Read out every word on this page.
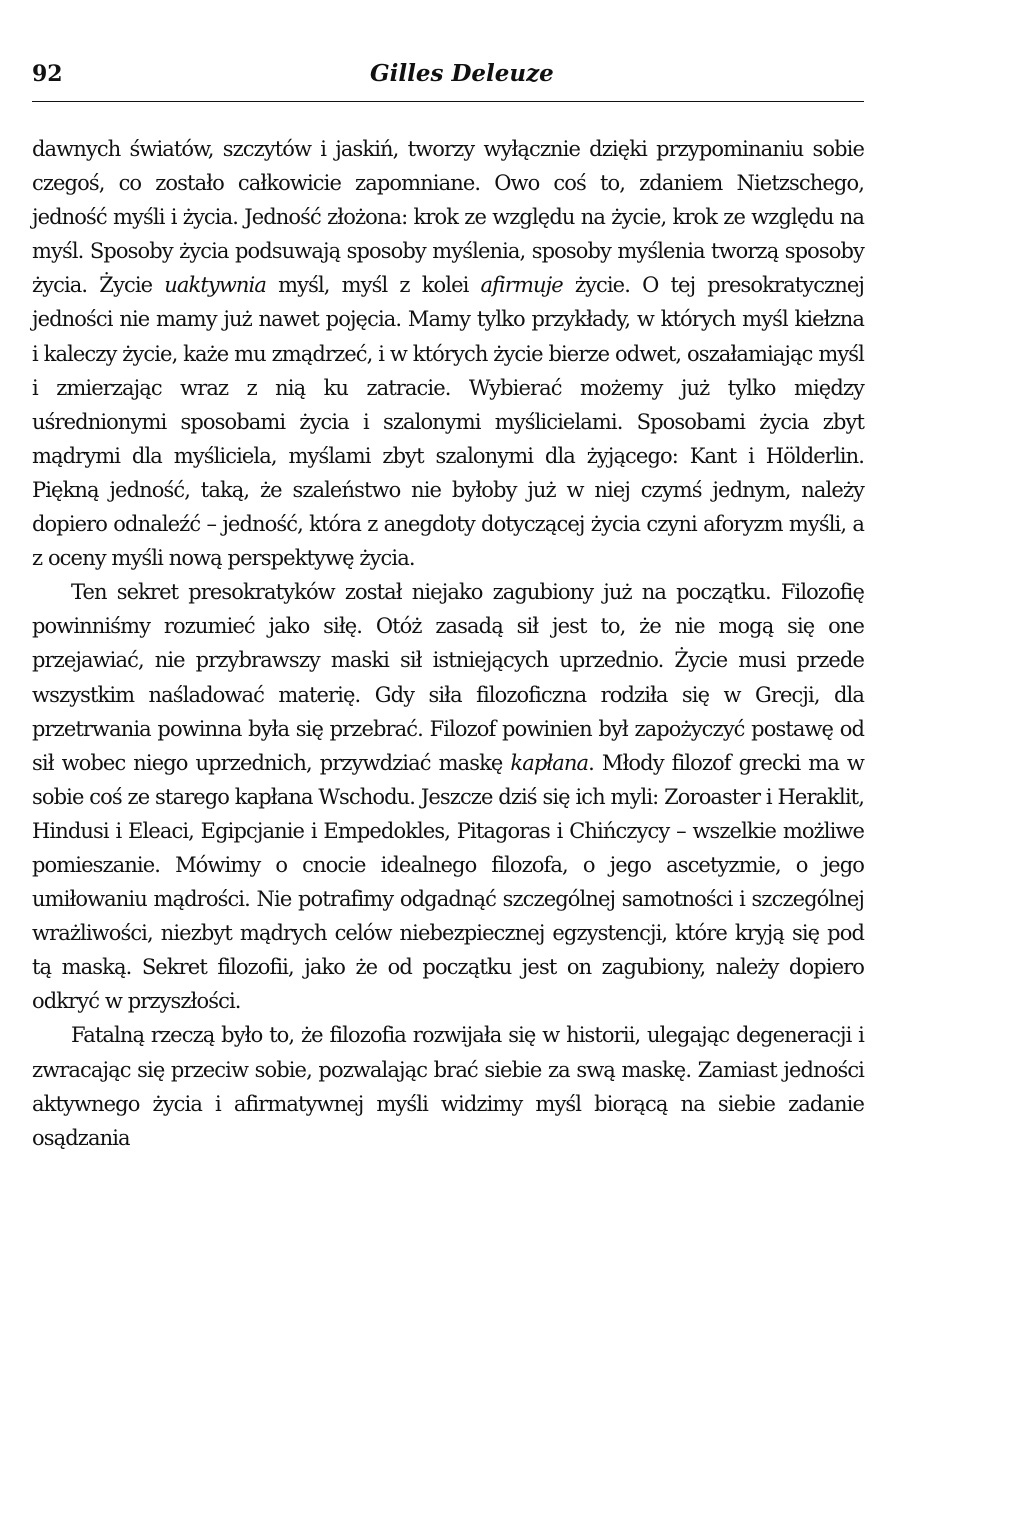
92	Gilles Deleuze

dawnych światów, szczytów i jaskiń, tworzy wyłącznie dzięki przypominaniu sobie czegoś, co zostało całkowicie zapomniane. Owo coś to, zdaniem Nietzschego, jedność myśli i życia. Jedność złożona: krok ze względu na życie, krok ze względu na myśl. Sposoby życia podsuwają sposoby myślenia, sposoby myślenia tworzą sposoby życia. Życie uaktywnia myśl, myśl z kolei afirmuje życie. O tej presokratycznej jedności nie mamy już nawet pojęcia. Mamy tylko przykłady, w których myśl kiełzna i kaleczy życie, każe mu zmądrzeć, i w których życie bierze odwet, oszałamiając myśl i zmierzając wraz z nią ku zatracie. Wybierać możemy już tylko między uśrednionymi sposobami życia i szalonymi myślicielami. Sposobami życia zbyt mądrymi dla myśliciela, myślami zbyt szalonymi dla żyjącego: Kant i Hölderlin. Piękną jedność, taką, że szaleństwo nie byłoby już w niej czymś jednym, należy dopiero odnaleźć – jedność, która z anegdoty dotyczącej życia czyni aforyzm myśli, a z oceny myśli nową perspektywę życia.

Ten sekret presokratyków został niejako zagubiony już na początku. Filozofię powinniśmy rozumieć jako siłę. Otóż zasadą sił jest to, że nie mogą się one przejawiać, nie przybrawszy maski sił istniejących uprzednio. Życie musi przede wszystkim naśladować materię. Gdy siła filozoficzna rodziła się w Grecji, dla przetrwania powinna była się przebrać. Filozof powinien był zapożyczyć postawę od sił wobec niego uprzednich, przywdziać maskę kapłana. Młody filozof grecki ma w sobie coś ze starego kapłana Wschodu. Jeszcze dziś się ich myli: Zoroaster i Heraklit, Hindusi i Eleaci, Egipcjanie i Empedokles, Pitagoras i Chińczycy – wszelkie możliwe pomieszanie. Mówimy o cnocie idealnego filozofa, o jego ascetyzmie, o jego umiłowaniu mądrości. Nie potrafimy odgadnąć szczególnej samotności i szczególnej wrażliwości, niezbyt mądrych celów niebezpiecznej egzystencji, które kryją się pod tą maską. Sekret filozofii, jako że od początku jest on zagubiony, należy dopiero odkryć w przyszłości.

Fatalną rzeczą było to, że filozofia rozwijała się w historii, ulegając degeneracji i zwracając się przeciw sobie, pozwalając brać siebie za swą maskę. Zamiast jedności aktywnego życia i afirmatywnej myśli widzimy myśl biorącą na siebie zadanie osądzania
